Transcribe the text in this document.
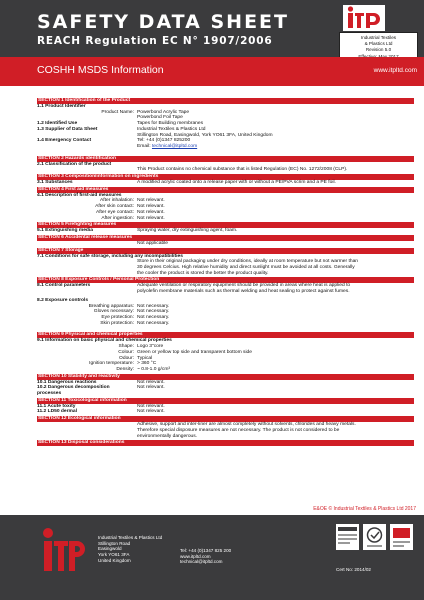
SAFETY DATA SHEET
REACH Regulation EC N° 1907/2006	Industrial Textiles
& Plastics Ltd
Revision 5.0
COSHH MSDS Information	www.itpltd.com
SECTION 1 Identification of the Product
1.1 Product Identifier
Product Name: Powerbond Acrylic Tape
Powerbond Foil Tape
1.2 Identified Use	Tapes for Building membranes
1.3 Supplier of Data Sheet	Industrial Textiles & Plastics Ltd
Stillington Road, Easingwold, York YO61 3FA, United Kingdom
1.4 Emergency Contact	Tel: +44 (0)1347 825200
Email: technical@itpltd.com
SECTION 2 Hazards identification
2.1 Classification of the product
This Product contains no chemical substance that is listed Regulation (EC) No. 1272/2008 (CLP).
SECTION 3 Composition/information on ingredients
3.1 Substances	A modified acrylic coated onto a release paper with or without a PE/PVA scrim and a PE foil.
SECTION 4 First aid measures
4.1 Description of first-aid measures
After inhalation: Not relevant.
After skin contact: Not relevant.
After eye contact: Not relevant.
After ingestion: Not relevant.
SECTION 5 Firefighting measures
5.1 Extinguishing media	Spraying water, dry extinguishing agent, foam.
SECTION 6 Accidental release measures
Not applicable
SECTION 7 Storage
7.1 Conditions for safe storage, including any incompatibilities
Store in their original packaging under dry conditions, ideally at room temperature but not warmer than
30 degrees Celcius. High relative humidity and direct sunlight must be avoided at all costs. Generally
the cooler the product is stored the better the product quality.
SECTION 8 Exposure Controls / Personal Protection
8.1 Control parameters	Adequate ventilation or respiratory equipment should be provided in areas where heat is applied to
polyolefin membrane materials such as thermal welding and heat sealing to protect against fumes.
8.2 Exposure controls
Breathing apparatus: Not necessary.
Gloves necessary: Not necessary.
Eye protection: Not necessary.
Skin protection: Not necessary.
SECTION 9 Physical and chemical properties
9.1 Information on basic physical and chemical properties
Shape: Logo 3"core
Colour: Green or yellow top side and transparent bottom side
Odour: Typical
Ignition temperature: > 360 °C
Density: ~ 0.8-1.0 g/cm³
SECTION 10 Stability and reactivity
10.1 Dangerous reactions	Not relevant.
10.2 Dangerous decomposition	Not relevant.
processes
SECTION 11 Toxicological information
11.1 Acute toxity	Not relevant.
11.2 LD50 dermal	Not relevant.
SECTION 12 Ecological information
Adhesive, support and inter-liner are almost completely without solvents, chlorides and heavy metals.
Therefore special disposure measures are not necessary. The product is not considered to be
environmentally dangerous.
SECTION 13 Disposal considerations
E&OE © Industrial Textiles & Plastics Ltd 2017
Industrial Textiles & Plastics Ltd
Stillington Road
Easingwold
York YO61 3FA
United Kingdom
Tel: +44 (0)1347 825 200
www.itpltd.com
technical@itpltd.com
Cert No: 2014/02
